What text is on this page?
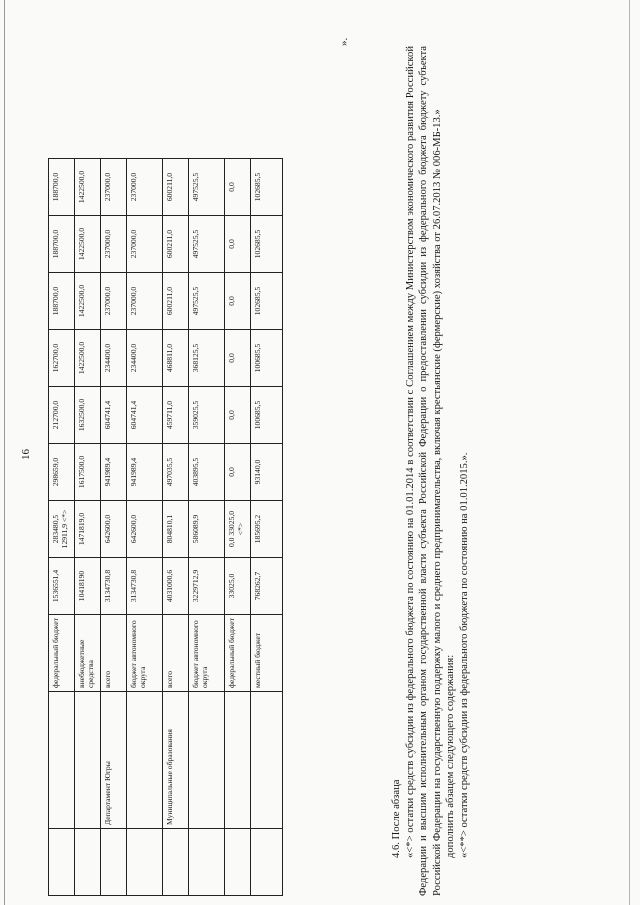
16
		федеральный бюджет	1536551,4	283480,5 12911,9 <*>	298659,0	212700,0	162700,0	188700,0	188700,0	188700,0
		внебюджетные средства	10418190	1471819,0	1617500,0	1632500,0	1422500,0	1422500,0	1422500,0	1422500,0
	Департамент Югры	всего	3134730,8	642600,0	941989,4	604741,4	234400,0	237000,0	237000,0	237000,0
		бюджет автономного округа	3134730,8	642600,0	941989,4	604741,4	234400,0	237000,0	237000,0	237000,0
	Муниципальные образования	всего	4031000,6	804810,1	497035,5	459711,0	468811,0	600211,0	600211,0	600211,0
		бюджет автономного округа	3229712,9	586089,9	403895,5	359025,5	368125,5	497525,5	497525,5	497525,5
		федеральный бюджет	33025,0	0,0 33025,0 <*>	0,0	0,0	0,0	0,0	0,0	0,0
		местный бюджет	768262,7	185695,2	93140,0	100685,5	100685,5	102685,5	102685,5	102685,5
».

4.6. После абзаца «<*> остатки средств субсидии из федерального бюджета по состоянию на 01.01.2014 в соответствии с Соглашением между Министерством экономического развития Российской Федерации и высшим исполнительным органом государственной власти субъекта Российской Федерации о предоставлении субсидии из федерального бюджета бюджету субъекта Российской Федерации на государственную поддержку малого и среднего предпринимательства, включая крестьянские (фермерские) хозяйства от 26.07.2013 № 006-МБ-13.» дополнить абзацем следующего содержания: «<**> остатки средств субсидии из федерального бюджета по состоянию на 01.01.2015.».
